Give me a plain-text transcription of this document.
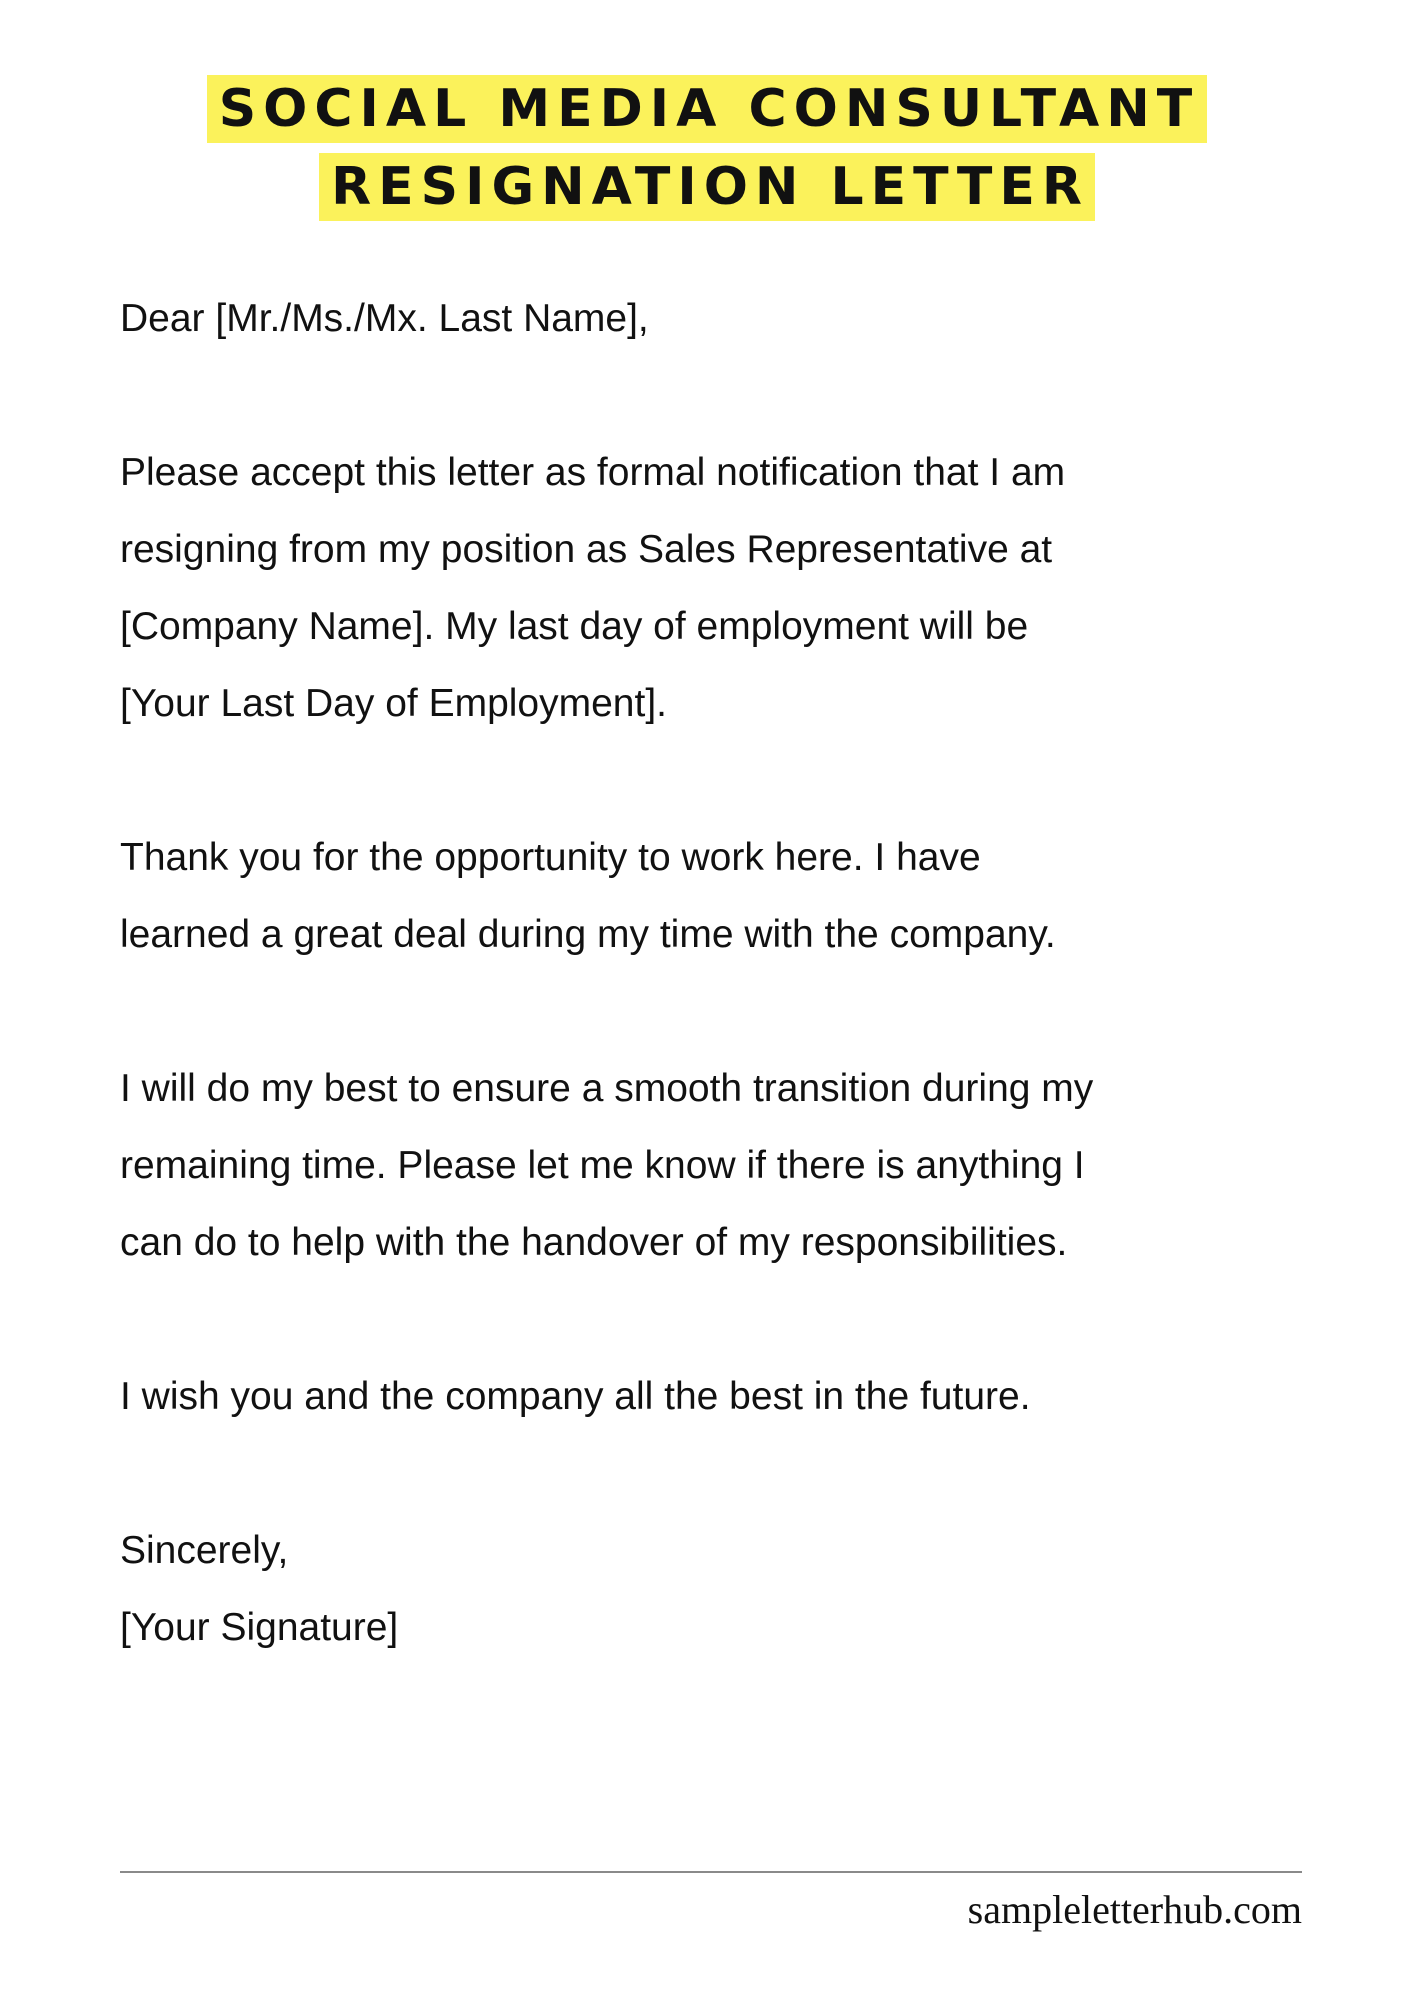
SOCIAL MEDIA CONSULTANT
RESIGNATION LETTER

Dear [Mr./Ms./Mx. Last Name],

Please accept this letter as formal notification that I am

resigning from my position as Sales Representative at

[Company Name]. My last day of employment will be

[Your Last Day of Employment].

Thank you for the opportunity to work here. I have

learned a great deal during my time with the company.

I will do my best to ensure a smooth transition during my

remaining time. Please let me know if there is anything I

can do to help with the handover of my responsibilities.

I wish you and the company all the best in the future.

Sincerely,

[Your Signature]

sampleletterhub.com
